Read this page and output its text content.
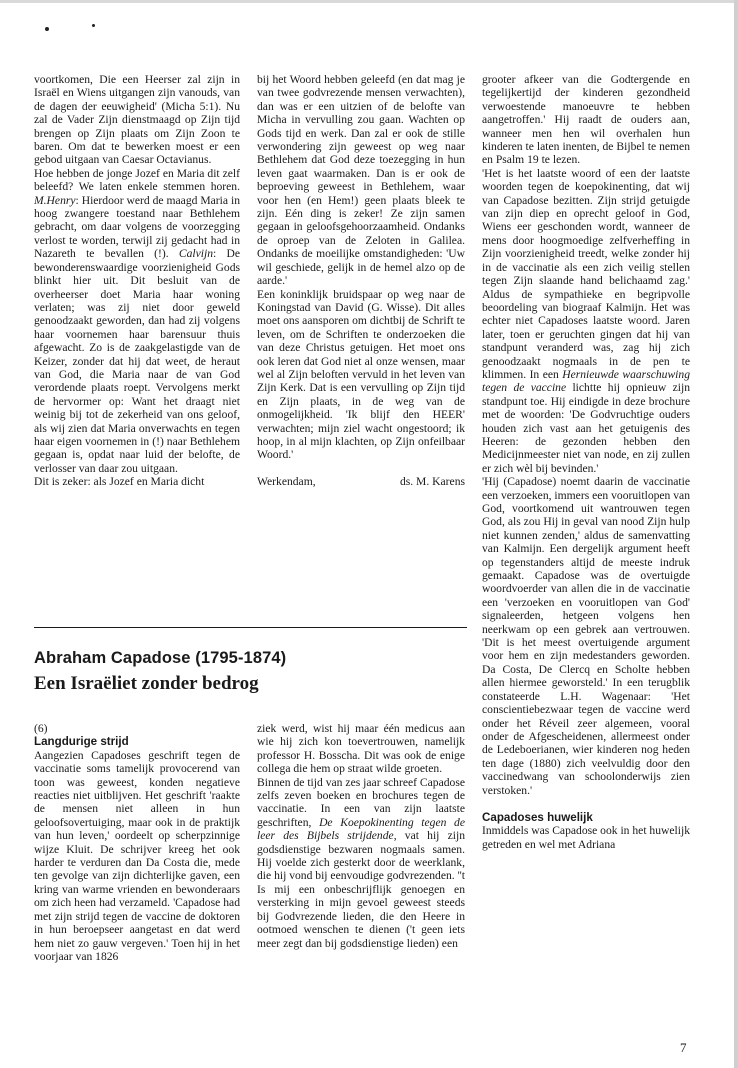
voortkomen, Die een Heerser zal zijn in Israël en Wiens uitgangen zijn vanouds, van de dagen der eeuwigheid' (Micha 5:1). Nu zal de Vader Zijn dienstmaagd op Zijn tijd brengen op Zijn plaats om Zijn Zoon te baren. Om dat te bewerken moest er een gebod uitgaan van Caesar Octavianus.

Hoe hebben de jonge Jozef en Maria dit zelf beleefd? We laten enkele stemmen horen. M.Henry: Hierdoor werd de maagd Maria in hoog zwangere toestand naar Bethlehem gebracht, om daar volgens de voorzegging verlost te worden, terwijl zij gedacht had in Nazareth te bevallen (!). Calvijn: De bewonderenswaardige voorzienigheid Gods blinkt hier uit. Dit besluit van de overheerser doet Maria haar woning verlaten; was zij niet door geweld genoodzaakt geworden, dan had zij volgens haar voornemen haar barensuur thuis afgewacht. Zo is de zaakgelastigde van de Keizer, zonder dat hij dat weet, de heraut van God, die Maria naar de van God verordende plaats roept. Vervolgens merkt de hervormer op: Want het draagt niet weinig bij tot de zekerheid van ons geloof, als wij zien dat Maria onverwachts en tegen haar eigen voornemen in (!) naar Bethlehem gegaan is, opdat naar luid der belofte, de verlosser van daar zou uitgaan.

Dit is zeker: als Jozef en Maria dicht

bij het Woord hebben geleefd (en dat mag je van twee godvrezende mensen verwachten), dan was er een uitzien of de belofte van Micha in vervulling zou gaan. Wachten op Gods tijd en werk. Dan zal er ook de stille verwondering zijn geweest op weg naar Bethlehem dat God deze toezegging in hun leven gaat waarmaken. Dan is er ook de beproeving geweest in Bethlehem, waar voor hen (en Hem!) geen plaats bleek te zijn. Eén ding is zeker! Ze zijn samen gegaan in geloofsgehoorzaamheid. Ondanks de oproep van de Zeloten in Galilea. Ondanks de moeilijke omstandigheden: 'Uw wil geschiede, gelijk in de hemel alzo op de aarde.'

Een koninklijk bruidspaar op weg naar de Koningstad van David (G. Wisse). Dit alles moet ons aansporen om dichtbij de Schrift te leven, om de Schriften te onderzoeken die van deze Christus getuigen. Het moet ons ook leren dat God niet al onze wensen, maar wel al Zijn beloften vervuld in het leven van Zijn Kerk. Dat is een vervulling op Zijn tijd en Zijn plaats, in de weg van de onmogelijkheid. 'Ik blijf den HEER' verwachten; mijn ziel wacht ongestoord; ik hoop, in al mijn klachten, op Zijn onfeilbaar Woord.'

Werkendam,	ds. M. Karens
Abraham Capadose (1795-1874)
Een Israëliet zonder bedrog

grooter afkeer van die Godtergende en tegelijkertijd der kinderen gezondheid verwoestende manoeuvre te hebben aangetroffen.' Hij raadt de ouders aan, wanneer men hen wil overhalen hun kinderen te laten inenten, de Bijbel te nemen en Psalm 19 te lezen.

'Het is het laatste woord of een der laatste woorden tegen de koepokinenting, dat wij van Capadose bezitten. Zijn strijd getuigde van zijn diep en oprecht geloof in God, Wiens eer geschonden wordt, wanneer de mens door hoogmoedige zelfverheffing in Zijn voorzienigheid treedt, welke zonder hij in de vaccinatie als een zich veilig stellen tegen Zijn slaande hand belichaamd zag.' Aldus de sympathieke en begripvolle beoordeling van biograaf Kalmijn. Het was echter niet Capadoses laatste woord. Jaren later, toen er geruchten gingen dat hij van standpunt veranderd was, zag hij zich genoodzaakt nogmaals in de pen te klimmen. In een Hernieuwde waarschuwing tegen de vaccine lichtte hij opnieuw zijn standpunt toe. Hij eindigde in deze brochure met de woorden: 'De Godvruchtige ouders houden zich vast aan het getuigenis des Heeren: de gezonden hebben den Medicijnmeester niet van node, en zij zullen er zich wèl bij bevinden.'

'Hij (Capadose) noemt daarin de vaccinatie een verzoeken, immers een vooruitlopen van God, voortkomend uit wantrouwen tegen God, als zou Hij in geval van nood Zijn hulp niet kunnen zenden,' aldus de samenvatting van Kalmijn. Een dergelijk argument heeft op tegenstanders altijd de meeste indruk gemaakt. Capadose was de overtuigde woordvoerder van allen die in de vaccinatie een 'verzoeken en vooruitlopen van God' signaleerden, hetgeen volgens hen neerkwam op een gebrek aan vertrouwen. 'Dit is het meest overtuigende argument voor hem en zijn medestanders geworden. Da Costa, De Clercq en Scholte hebben allen hiermee geworsteld.' In een terugblik constateerde L.H. Wagenaar: 'Het conscientiebezwaar tegen de vaccine werd onder het Réveil zeer algemeen, vooral onder de Afgescheidenen, allermeest onder de Ledeboerianen, wier kinderen nog heden ten dage (1880) zich veelvuldig door den vaccinedwang van schoolonderwijs zien verstoken.'

Capadoses huwelijk

Inmiddels was Capadose ook in het huwelijk getreden en wel met Adriana

(6)

Langdurige strijd

Aangezien Capadoses geschrift tegen de vaccinatie soms tamelijk provocerend van toon was geweest, konden negatieve reacties niet uitblijven. Het geschrift 'raakte de mensen niet alleen in hun geloofsovertuiging, maar ook in de praktijk van hun leven,' oordeelt op scherpzinnige wijze Kluit. De schrijver kreeg het ook harder te verduren dan Da Costa die, mede ten gevolge van zijn dichterlijke gaven, een kring van warme vrienden en bewonderaars om zich heen had verzameld. 'Capadose had met zijn strijd tegen de vaccine de doktoren in hun beroepseer aangetast en dat werd hem niet zo gauw vergeven.' Toen hij in het voorjaar van 1826

ziek werd, wist hij maar één medicus aan wie hij zich kon toevertrouwen, namelijk professor H. Bosscha. Dit was ook de enige collega die hem op straat wilde groeten.

Binnen de tijd van zes jaar schreef Capadose zelfs zeven boeken en brochures tegen de vaccinatie. In een van zijn laatste geschriften, De Koepokinenting tegen de leer des Bijbels strijdende, vat hij zijn godsdienstige bezwaren nogmaals samen. Hij voelde zich gesterkt door de weerklank, die hij vond bij eenvoudige godvrezenden. ''t Is mij een onbeschrijflijk genoegen en versterking in mijn gevoel geweest steeds bij Godvrezende lieden, die den Heere in ootmoed wenschen te dienen ('t geen iets meer zegt dan bij godsdienstige lieden) een

7
